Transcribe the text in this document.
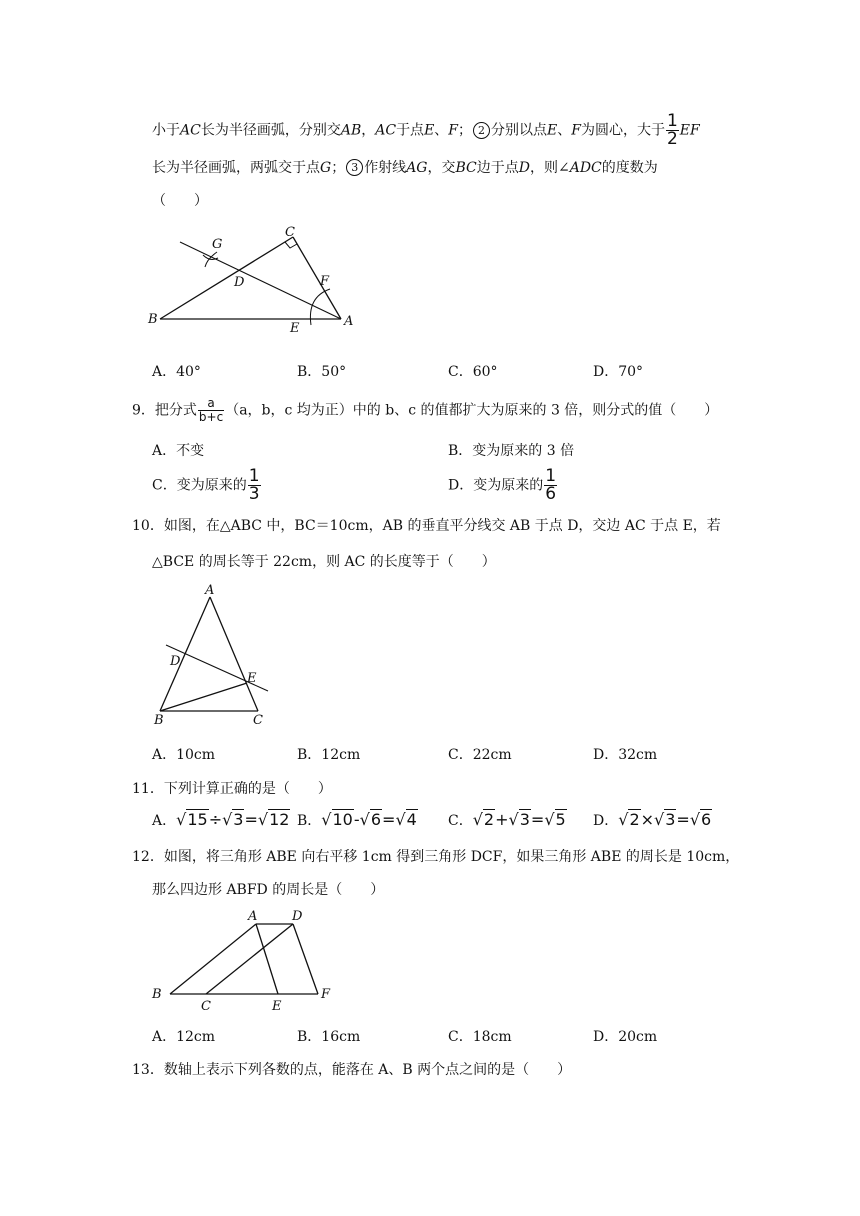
小于AC长为半径画弧，分别交AB，AC于点E、F； 2 分别以点E、F为圆心，大于 $\frac{1}{2}$ EF
长为半径画弧，两弧交于点G； 3 作射线AG，交BC边于点D，则∠ADC的度数为
（　　）
G
C
D	F
B
E	A
A．40°	B．50°	C．60°	D．70°
9．把分式 $\frac{a}{b+c} (a$，b，c 均为正）中的 b、c 的值都扩大为原来的 3 倍，则分式的值（　　）
A．不变	B．变为原来的 3 倍
C．变为原来的 $\frac{1}{3}$	D．变为原来的 $\frac{1}{6}$
10．如图，在△ABC 中，BC＝10cm，AB 的垂直平分线交 AB 于点 D，交边 AC 于点 E，若
△BCE 的周长等于 22cm，则 AC 的长度等于（　　）
A
D
E
B	C
A．10cm	B．12cm	C．22cm	D．32cm
11．下列计算正确的是（　　）
A．√15÷√3=√12 B．√10-√6=√4 C．√2+√3=√5 D．√2×√3=√6
12．如图，将三角形 ABE 向右平移 1cm 得到三角形 DCF，如果三角形 ABE 的周长是 10cm，
那么四边形 ABFD 的周长是（　　）
A	D
B
C	E
F
A．12cm	B．16cm	C．18cm	D．20cm
13．数轴上表示下列各数的点，能落在 A、B 两个点之间的是（　　）
